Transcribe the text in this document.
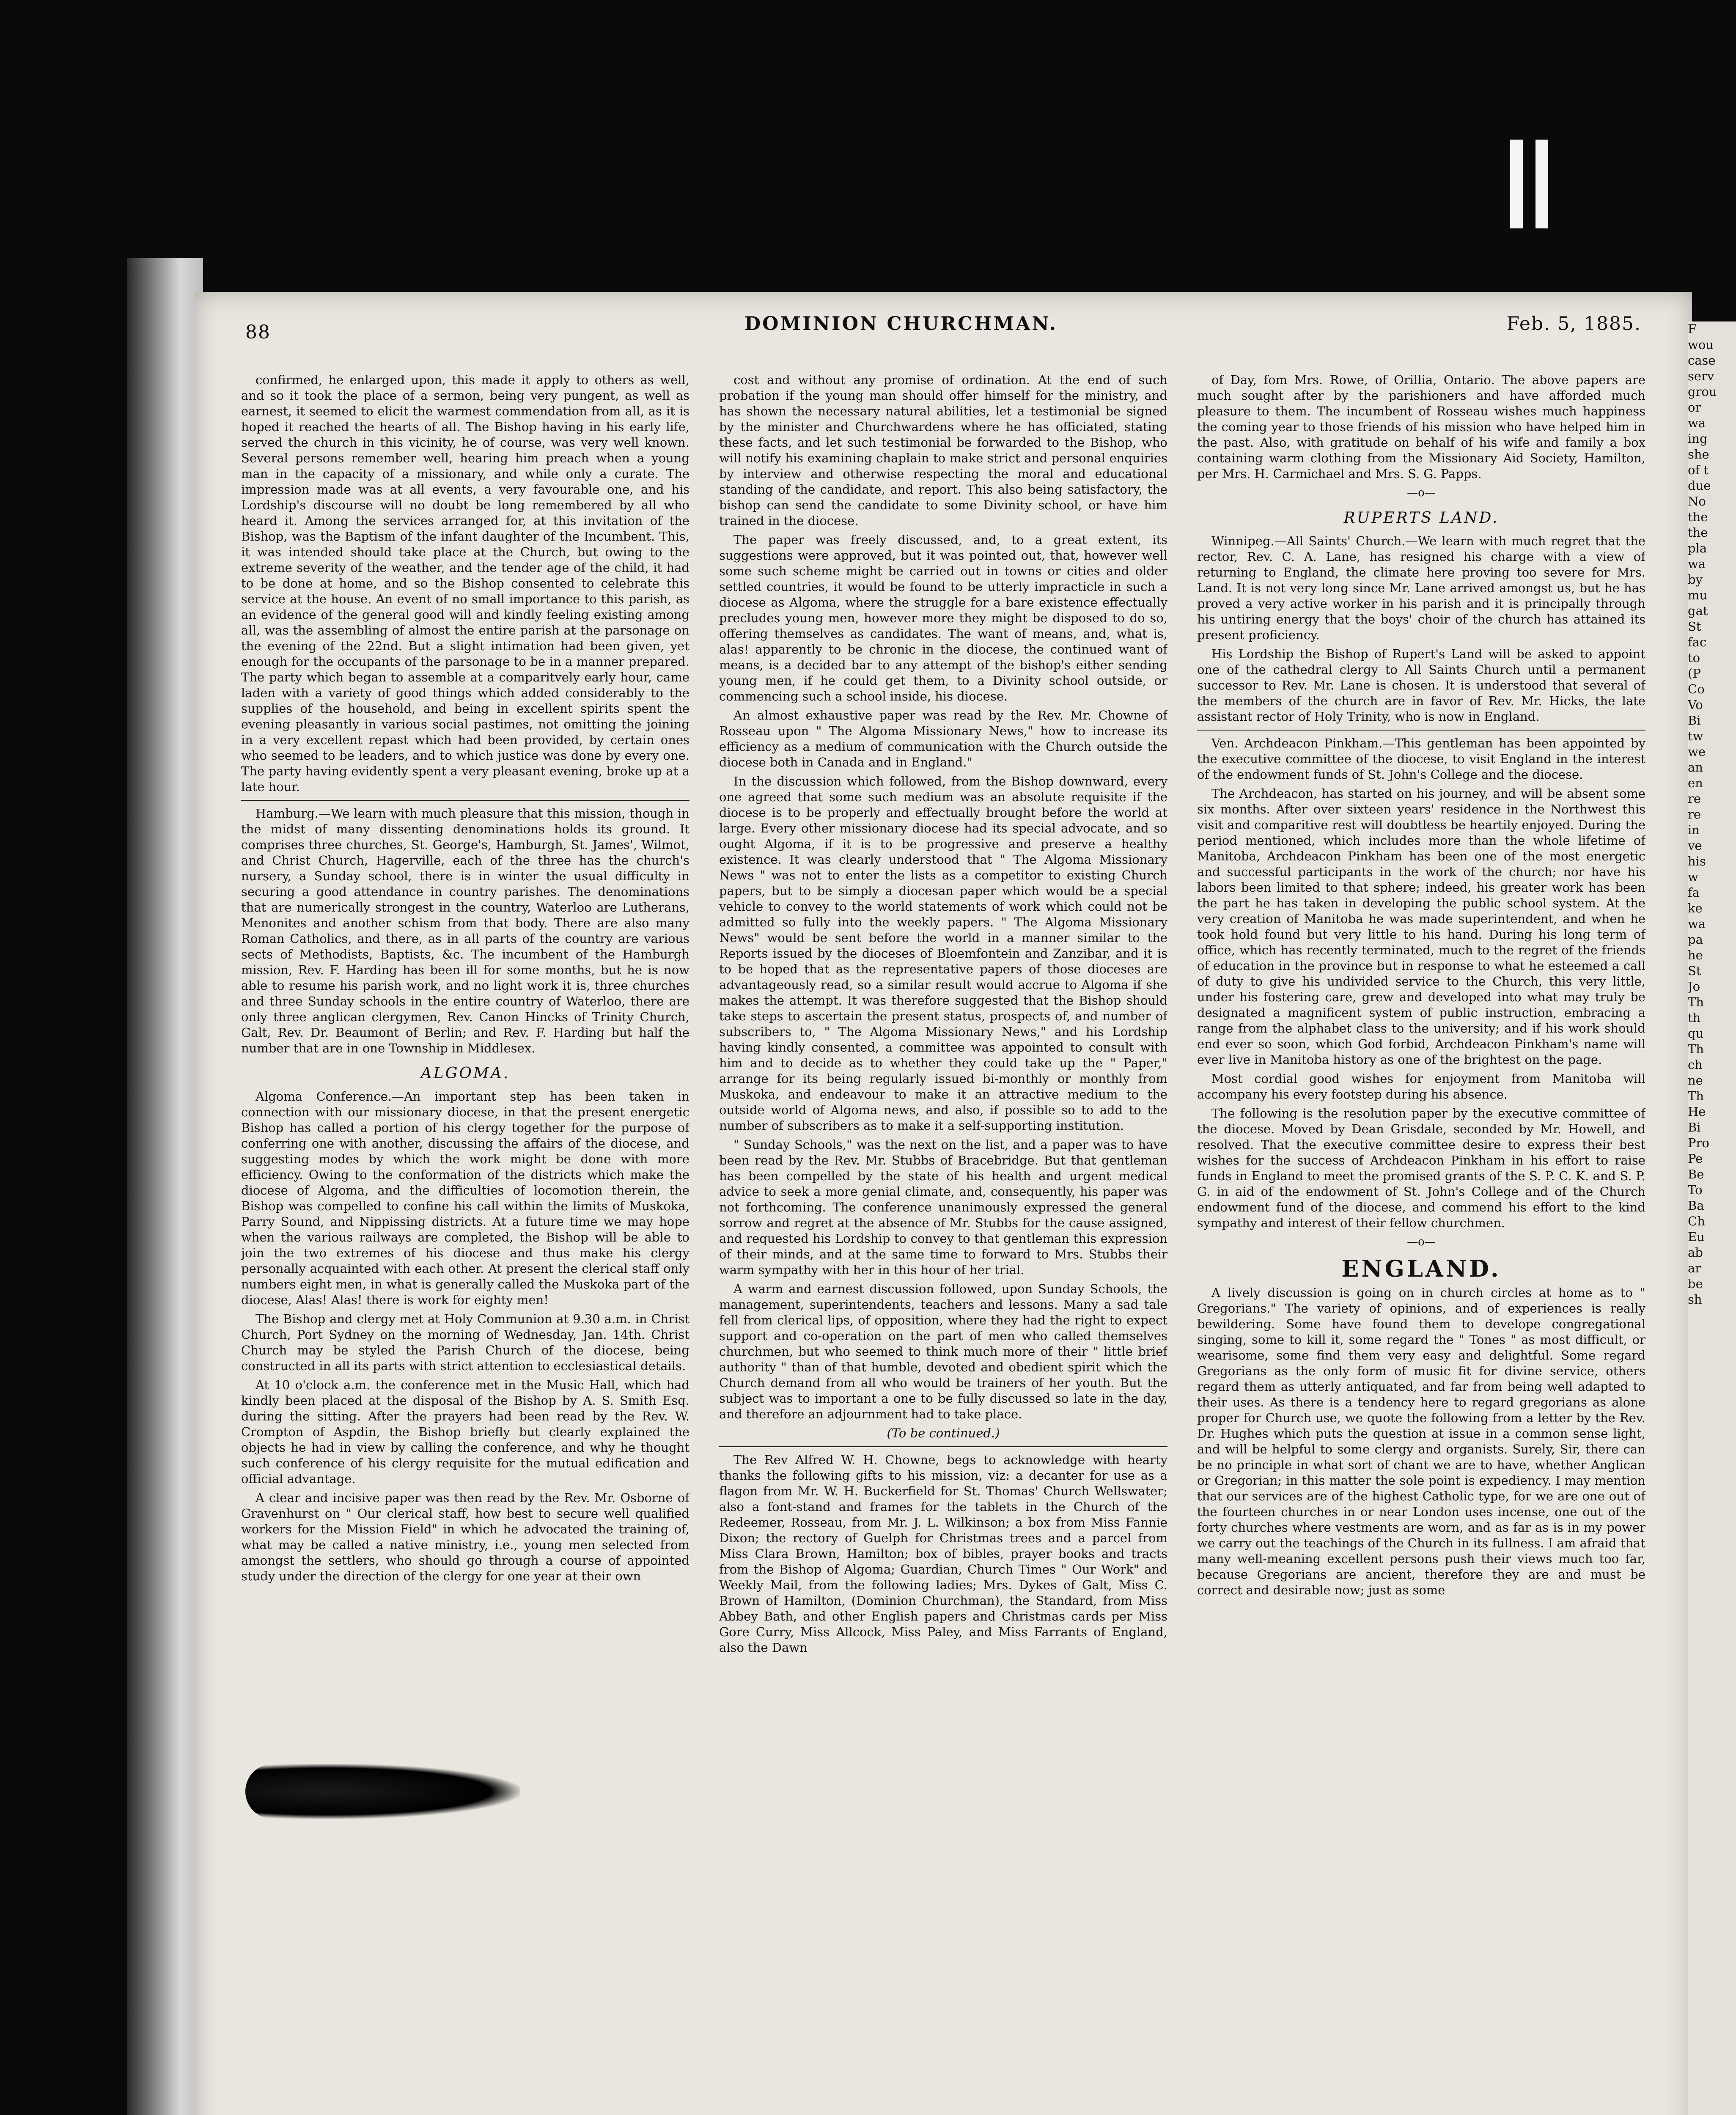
88	DOMINION CHURCHMAN.	Feb. 5, 1885.

confirmed, he enlarged upon, this made it apply to others as well, and so it took the place of a sermon, being very pungent, as well as earnest, it seemed to elicit the warmest commendation from all, as it is hoped it reached the hearts of all. The Bishop having in his early life, served the church in this vicinity, he of course, was very well known. Several persons remember well, hearing him preach when a young man in the capacity of a missionary, and while only a curate. The impression made was at all events, a very favourable one, and his Lordship's discourse will no doubt be long remembered by all who heard it. Among the services arranged for, at this invitation of the Bishop, was the Baptism of the infant daughter of the Incumbent. This, it was intended should take place at the Church, but owing to the extreme severity of the weather, and the tender age of the child, it had to be done at home, and so the Bishop consented to celebrate this service at the house. An event of no small importance to this parish, as an evidence of the general good will and kindly feeling existing among all, was the assembling of almost the entire parish at the parsonage on the evening of the 22nd. But a slight intimation had been given, yet enough for the occupants of the parsonage to be in a manner prepared. The party which began to assemble at a comparitvely early hour, came laden with a variety of good things which added considerably to the supplies of the household, and being in excellent spirits spent the evening pleasantly in various social pastimes, not omitting the joining in a very excellent repast which had been provided, by certain ones who seemed to be leaders, and to which justice was done by every one. The party having evidently spent a very pleasant evening, broke up at a late hour.

Hamburg.—We learn with much pleasure that this mission, though in the midst of many dissenting denominations holds its ground. It comprises three churches, St. George's, Hamburgh, St. James', Wilmot, and Christ Church, Hagerville, each of the three has the church's nursery, a Sunday school, there is in winter the usual difficulty in securing a good attendance in country parishes. The denominations that are numerically strongest in the country, Waterloo are Lutherans, Menonites and another schism from that body. There are also many Roman Catholics, and there, as in all parts of the country are various sects of Methodists, Baptists, &c. The incumbent of the Hamburgh mission, Rev. F. Harding has been ill for some months, but he is now able to resume his parish work, and no light work it is, three churches and three Sunday schools in the entire country of Waterloo, there are only three anglican clergymen, Rev. Canon Hincks of Trinity Church, Galt, Rev. Dr. Beaumont of Berlin; and Rev. F. Harding but half the number that are in one Township in Middlesex.

ALGOMA.

Algoma Conference.—An important step has been taken in connection with our missionary diocese, in that the present energetic Bishop has called a portion of his clergy together for the purpose of conferring one with another, discussing the affairs of the diocese, and suggesting modes by which the work might be done with more efficiency. Owing to the conformation of the districts which make the diocese of Algoma, and the difficulties of locomotion therein, the Bishop was compelled to confine his call within the limits of Muskoka, Parry Sound, and Nippissing districts. At a future time we may hope when the various railways are completed, the Bishop will be able to join the two extremes of his diocese and thus make his clergy personally acquainted with each other. At present the clerical staff only numbers eight men, in what is generally called the Muskoka part of the diocese, Alas! Alas! there is work for eighty men!

The Bishop and clergy met at Holy Communion at 9.30 a.m. in Christ Church, Port Sydney on the morning of Wednesday, Jan. 14th. Christ Church may be styled the Parish Church of the diocese, being constructed in all its parts with strict attention to ecclesiastical details.

At 10 o'clock a.m. the conference met in the Music Hall, which had kindly been placed at the disposal of the Bishop by A. S. Smith Esq. during the sitting. After the prayers had been read by the Rev. W. Crompton of Aspdin, the Bishop briefly but clearly explained the objects he had in view by calling the conference, and why he thought such conference of his clergy requisite for the mutual edification and official advantage.

A clear and incisive paper was then read by the Rev. Mr. Osborne of Gravenhurst on " Our clerical staff, how best to secure well qualified workers for the Mission Field" in which he advocated the training of, what may be called a native ministry, i.e., young men selected from amongst the settlers, who should go through a course of appointed study under the direction of the clergy for one year at their own

cost and without any promise of ordination. At the end of such probation if the young man should offer himself for the ministry, and has shown the necessary natural abilities, let a testimonial be signed by the minister and Churchwardens where he has officiated, stating these facts, and let such testimonial be forwarded to the Bishop, who will notify his examining chaplain to make strict and personal enquiries by interview and otherwise respecting the moral and educational standing of the candidate, and report. This also being satisfactory, the bishop can send the candidate to some Divinity school, or have him trained in the diocese.

The paper was freely discussed, and, to a great extent, its suggestions were approved, but it was pointed out, that, however well some such scheme might be carried out in towns or cities and older settled countries, it would be found to be utterly impracticle in such a diocese as Algoma, where the struggle for a bare existence effectually precludes young men, however more they might be disposed to do so, offering themselves as candidates. The want of means, and, what is, alas! apparently to be chronic in the diocese, the continued want of means, is a decided bar to any attempt of the bishop's either sending young men, if he could get them, to a Divinity school outside, or commencing such a school inside, his diocese.

An almost exhaustive paper was read by the Rev. Mr. Chowne of Rosseau upon " The Algoma Missionary News," how to increase its efficiency as a medium of communication with the Church outside the diocese both in Canada and in England."

In the discussion which followed, from the Bishop downward, every one agreed that some such medium was an absolute requisite if the diocese is to be properly and effectually brought before the world at large. Every other missionary diocese had its special advocate, and so ought Algoma, if it is to be progressive and preserve a healthy existence. It was clearly understood that " The Algoma Missionary News " was not to enter the lists as a competitor to existing Church papers, but to be simply a diocesan paper which would be a special vehicle to convey to the world statements of work which could not be admitted so fully into the weekly papers. " The Algoma Missionary News" would be sent before the world in a manner similar to the Reports issued by the dioceses of Bloemfontein and Zanzibar, and it is to be hoped that as the representative papers of those dioceses are advantageously read, so a similar result would accrue to Algoma if she makes the attempt. It was therefore suggested that the Bishop should take steps to ascertain the present status, prospects of, and number of subscribers to, " The Algoma Missionary News," and his Lordship having kindly consented, a committee was appointed to consult with him and to decide as to whether they could take up the " Paper," arrange for its being regularly issued bi-monthly or monthly from Muskoka, and endeavour to make it an attractive medium to the outside world of Algoma news, and also, if possible so to add to the number of subscribers as to make it a self-supporting institution.

" Sunday Schools," was the next on the list, and a paper was to have been read by the Rev. Mr. Stubbs of Bracebridge. But that gentleman has been compelled by the state of his health and urgent medical advice to seek a more genial climate, and, consequently, his paper was not forthcoming. The conference unanimously expressed the general sorrow and regret at the absence of Mr. Stubbs for the cause assigned, and requested his Lordship to convey to that gentleman this expression of their minds, and at the same time to forward to Mrs. Stubbs their warm sympathy with her in this hour of her trial.

A warm and earnest discussion followed, upon Sunday Schools, the management, superintendents, teachers and lessons. Many a sad tale fell from clerical lips, of opposition, where they had the right to expect support and co-operation on the part of men who called themselves churchmen, but who seemed to think much more of their " little brief authority " than of that humble, devoted and obedient spirit which the Church demand from all who would be trainers of her youth. But the subject was to important a one to be fully discussed so late in the day, and therefore an adjournment had to take place.

(To be continued.)

The Rev Alfred W. H. Chowne, begs to acknowledge with hearty thanks the following gifts to his mission, viz: a decanter for use as a flagon from Mr. W. H. Buckerfield for St. Thomas' Church Wellswater; also a font-stand and frames for the tablets in the Church of the Redeemer, Rosseau, from Mr. J. L. Wilkinson; a box from Miss Fannie Dixon; the rectory of Guelph for Christmas trees and a parcel from Miss Clara Brown, Hamilton; box of bibles, prayer books and tracts from the Bishop of Algoma; Guardian, Church Times " Our Work" and Weekly Mail, from the following ladies; Mrs. Dykes of Galt, Miss C. Brown of Hamilton, (Dominion Churchman), the Standard, from Miss Abbey Bath, and other English papers and Christmas cards per Miss Gore Curry, Miss Allcock, Miss Paley, and Miss Farrants of England, also the Dawn

of Day, fom Mrs. Rowe, of Orillia, Ontario. The above papers are much sought after by the parishioners and have afforded much pleasure to them. The incumbent of Rosseau wishes much happiness the coming year to those friends of his mission who have helped him in the past. Also, with gratitude on behalf of his wife and family a box containing warm clothing from the Missionary Aid Society, Hamilton, per Mrs. H. Carmichael and Mrs. S. G. Papps.

—o—

RUPERTS LAND.

Winnipeg.—All Saints' Church.—We learn with much regret that the rector, Rev. C. A. Lane, has resigned his charge with a view of returning to England, the climate here proving too severe for Mrs. Land. It is not very long since Mr. Lane arrived amongst us, but he has proved a very active worker in his parish and it is principally through his untiring energy that the boys' choir of the church has attained its present proficiency.

His Lordship the Bishop of Rupert's Land will be asked to appoint one of the cathedral clergy to All Saints Church until a permanent successor to Rev. Mr. Lane is chosen. It is understood that several of the members of the church are in favor of Rev. Mr. Hicks, the late assistant rector of Holy Trinity, who is now in England.

Ven. Archdeacon Pinkham.—This gentleman has been appointed by the executive committee of the diocese, to visit England in the interest of the endowment funds of St. John's College and the diocese.

The Archdeacon, has started on his journey, and will be absent some six months. After over sixteen years' residence in the Northwest this visit and comparitive rest will doubtless be heartily enjoyed. During the period mentioned, which includes more than the whole lifetime of Manitoba, Archdeacon Pinkham has been one of the most energetic and successful participants in the work of the church; nor have his labors been limited to that sphere; indeed, his greater work has been the part he has taken in developing the public school system. At the very creation of Manitoba he was made superintendent, and when he took hold found but very little to his hand. During his long term of office, which has recently terminated, much to the regret of the friends of education in the province but in response to what he esteemed a call of duty to give his undivided service to the Church, this very little, under his fostering care, grew and developed into what may truly be designated a magnificent system of public instruction, embracing a range from the alphabet class to the university; and if his work should end ever so soon, which God forbid, Archdeacon Pinkham's name will ever live in Manitoba history as one of the brightest on the page.

Most cordial good wishes for enjoyment from Manitoba will accompany his every footstep during his absence.

The following is the resolution paper by the executive committee of the diocese. Moved by Dean Grisdale, seconded by Mr. Howell, and resolved. That the executive committee desire to express their best wishes for the success of Archdeacon Pinkham in his effort to raise funds in England to meet the promised grants of the S. P. C. K. and S. P. G. in aid of the endowment of St. John's College and of the Church endowment fund of the diocese, and commend his effort to the kind sympathy and interest of their fellow churchmen.

—o—

ENGLAND.

A lively discussion is going on in church circles at home as to " Gregorians." The variety of opinions, and of experiences is really bewildering. Some have found them to develope congregational singing, some to kill it, some regard the " Tones " as most difficult, or wearisome, some find them very easy and delightful. Some regard Gregorians as the only form of music fit for divine service, others regard them as utterly antiquated, and far from being well adapted to their uses. As there is a tendency here to regard gregorians as alone proper for Church use, we quote the following from a letter by the Rev. Dr. Hughes which puts the question at issue in a common sense light, and will be helpful to some clergy and organists. Surely, Sir, there can be no principle in what sort of chant we are to have, whether Anglican or Gregorian; in this matter the sole point is expediency. I may mention that our services are of the highest Catholic type, for we are one out of the fourteen churches in or near London uses incense, one out of the forty churches where vestments are worn, and as far as is in my power we carry out the teachings of the Church in its fullness. I am afraid that many well-meaning excellent persons push their views much too far, because Gregorians are ancient, therefore they are and must be correct and desirable now; just as some

F
wou
case
serv
grou
or
wa
ing
she
of t
due
No
the
the
pla
wa
by
mu
gat
St
fac
to
(P
Co
Vo
Bi
tw
we
an
en
re
re
in
ve
his
w
fa
ke
wa
pa
he
St
Jo
Th
th
qu
Th
ch
ne
Th
He
Bi
Pro
Pe
Be
To
Ba
Ch
Eu
ab
ar
be
sh
